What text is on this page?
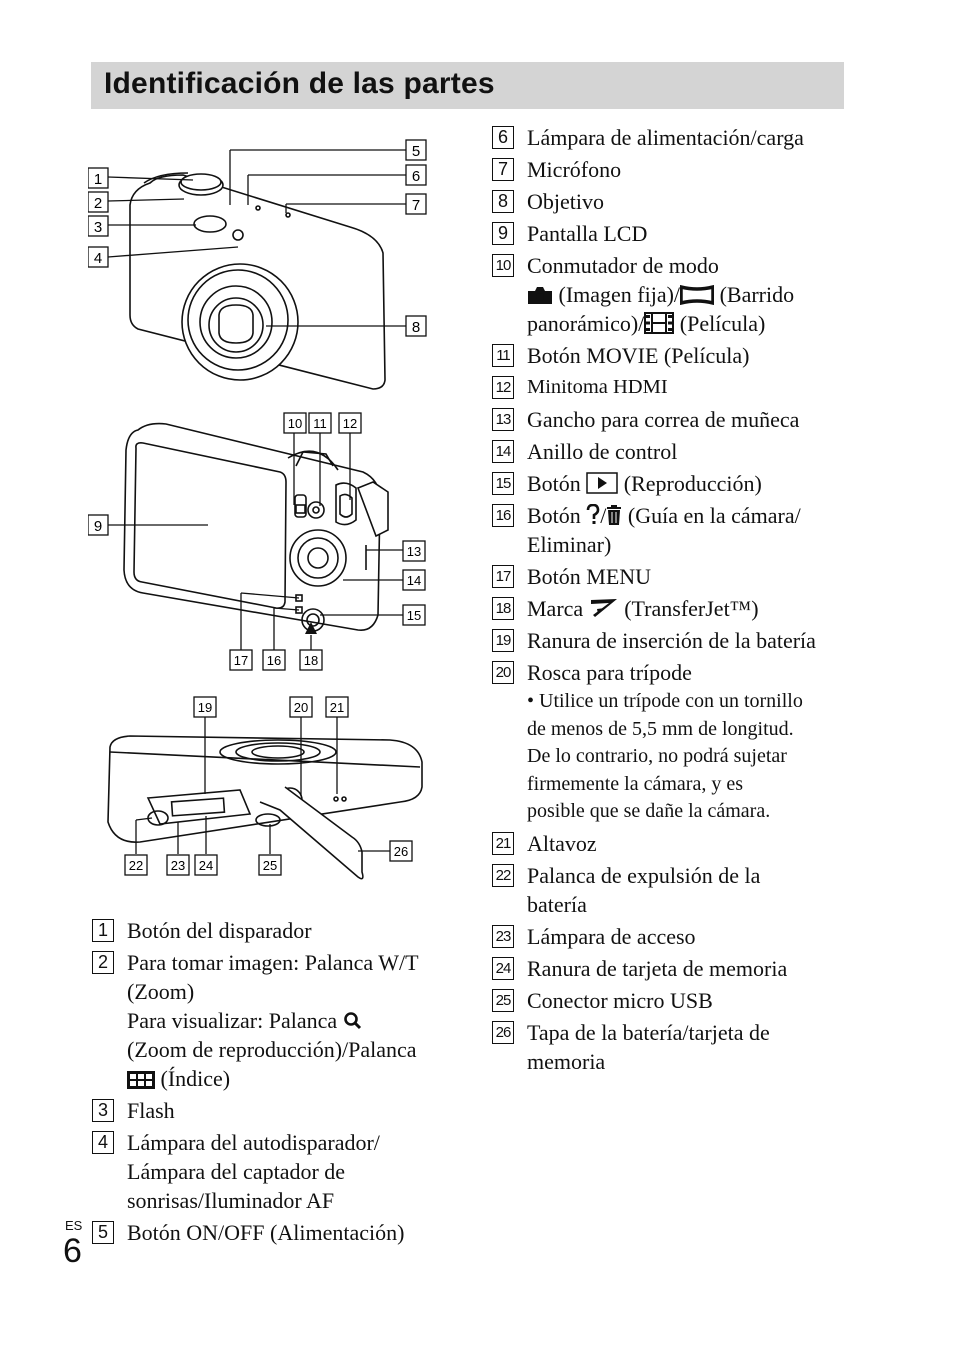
Identificación de las partes
1
2
3
4
5
6
7
8
9
10 11 12
13
14
15
17 16 18
19	20 21
22 23 24	25
26
1 Botón del disparador
2 Para tomar imagen: Palanca W/T
(Zoom)
Para visualizar: Palanca
(Zoom de reproducción)/Palanca
(Índice)
3 Flash
4 Lámpara del autodisparador/
Lámpara del captador de
sonrisas/Iluminador AF
5 Botón ON/OFF (Alimentación)
6 Lámpara de alimentación/carga
7 Micrófono
8 Objetivo
9 Pantalla LCD
10 Conmutador de modo
(Imagen fija)/ (Barrido
panorámico)/ (Película)
11 Botón MOVIE (Película)
12 Minitoma HDMI
13 Gancho para correa de muñeca
14 Anillo de control
15 Botón (Reproducción)
16 Botón / (Guía en la cámara/
Eliminar)
17 Botón MENU
18 Marca (TransferJet™)
19 Ranura de inserción de la batería
20 Rosca para trípode
• Utilice un trípode con un tornillo
de menos de 5,5 mm de longitud.
De lo contrario, no podrá sujetar
firmemente la cámara, y es
posible que se dañe la cámara.
21 Altavoz
22 Palanca de expulsión de la
batería
23 Lámpara de acceso
24 Ranura de tarjeta de memoria
25 Conector micro USB
26 Tapa de la batería/tarjeta de
memoria
ES
6
